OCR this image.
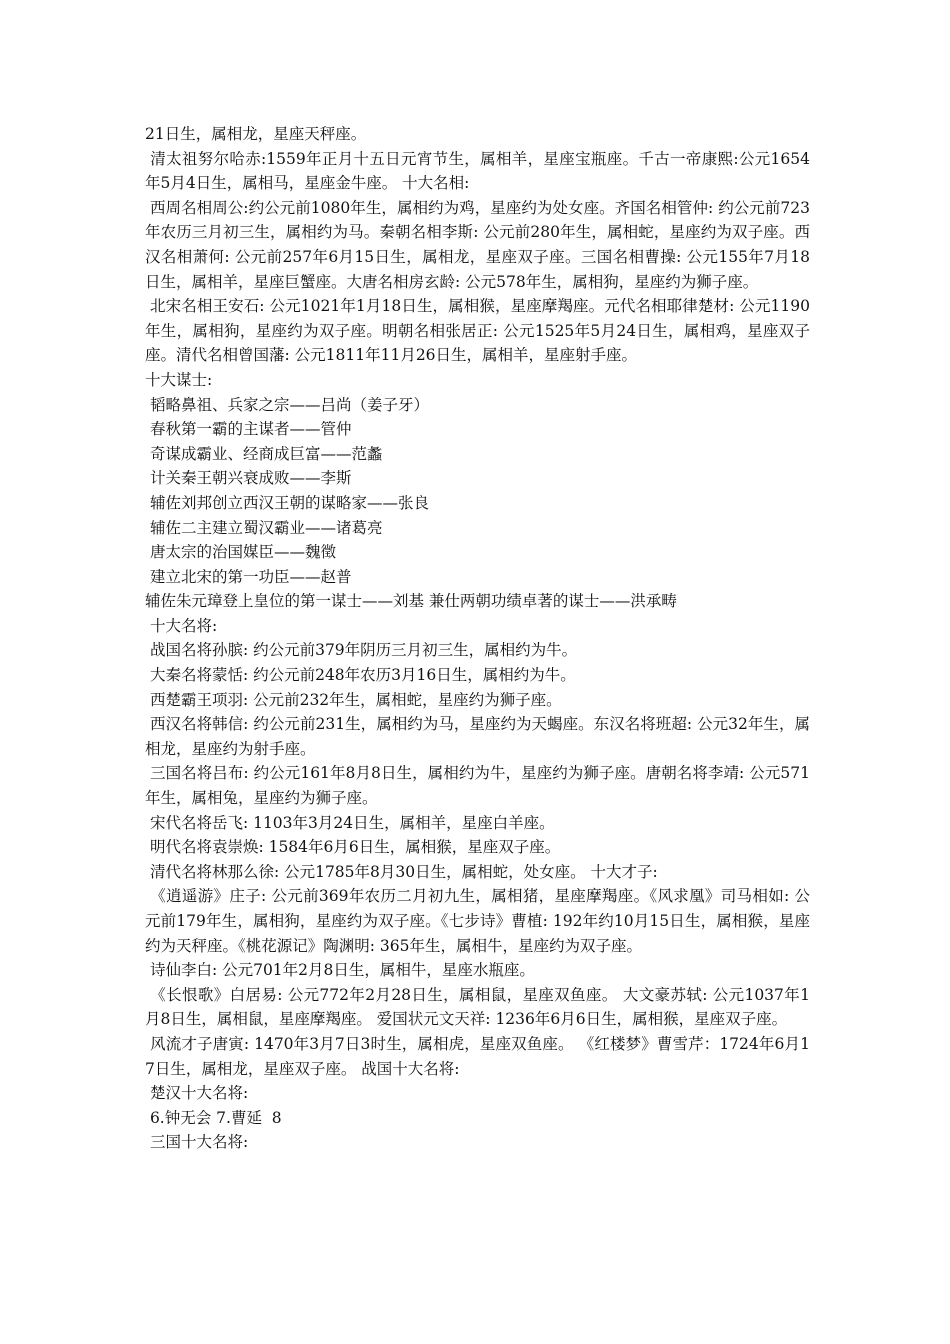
21日生，属相龙，星座天秤座。

清太祖努尔哈赤:1559年正月十五日元宵节生，属相羊，星座宝瓶座。千古一帝康熙:公元1654年5月4日生，属相马，星座金牛座。 十大名相:

西周名相周公:约公元前1080年生，属相约为鸡，星座约为处女座。齐国名相管仲: 约公元前723年农历三月初三生，属相约为马。秦朝名相李斯: 公元前280年生，属相蛇，星座约为双子座。西汉名相萧何: 公元前257年6月15日生，属相龙，星座双子座。三国名相曹操: 公元155年7月18日生，属相羊，星座巨蟹座。大唐名相房玄龄: 公元578年生，属相狗，星座约为狮子座。

北宋名相王安石: 公元1021年1月18日生，属相猴，星座摩羯座。元代名相耶律楚材: 公元1190年生，属相狗，星座约为双子座。明朝名相张居正: 公元1525年5月24日生，属相鸡，星座双子座。清代名相曾国藩: 公元1811年11月26日生，属相羊，星座射手座。

十大谋士:

韬略鼻祖、兵家之宗——吕尚（姜子牙）

春秋第一霸的主谋者——管仲

奇谋成霸业、经商成巨富——范蠡

计关秦王朝兴衰成败——李斯

辅佐刘邦创立西汉王朝的谋略家——张良

辅佐二主建立蜀汉霸业——诸葛亮

唐太宗的治国媒臣——魏徵

建立北宋的第一功臣——赵普

辅佐朱元璋登上皇位的第一谋士——刘基 兼仕两朝功绩卓著的谋士——洪承畴

十大名将:

战国名将孙膑: 约公元前379年阴历三月初三生，属相约为牛。

大秦名将蒙恬: 约公元前248年农历3月16日生，属相约为牛。

西楚霸王项羽: 公元前232年生，属相蛇，星座约为狮子座。

西汉名将韩信: 约公元前231生，属相约为马，星座约为天蝎座。东汉名将班超: 公元32年生，属相龙，星座约为射手座。

三国名将吕布: 约公元161年8月8日生，属相约为牛，星座约为狮子座。唐朝名将李靖: 公元571年生，属相兔，星座约为狮子座。

宋代名将岳飞: 1103年3月24日生，属相羊，星座白羊座。

明代名将袁崇焕: 1584年6月6日生，属相猴，星座双子座。

清代名将林那么徐: 公元1785年8月30日生，属相蛇，处女座。 十大才子:

《逍遥游》庄子: 公元前369年农历二月初九生，属相猪，星座摩羯座。《风求凰》司马相如: 公元前179年生，属相狗，星座约为双子座。《七步诗》曹植: 192年约10月15日生，属相猴，星座约为天秤座。《桃花源记》陶渊明: 365年生，属相牛，星座约为双子座。

诗仙李白: 公元701年2月8日生，属相牛，星座水瓶座。

《长恨歌》白居易: 公元772年2月28日生，属相鼠，星座双鱼座。 大文豪苏轼: 公元1037年1月8日生，属相鼠，星座摩羯座。 爱国状元文天祥: 1236年6月6日生，属相猴，星座双子座。

风流才子唐寅: 1470年3月7日3时生，属相虎，星座双鱼座。 《红楼梦》曹雪芹：1724年6月17日生，属相龙，星座双子座。 战国十大名将:

楚汉十大名将:

6.钟无会 7.曹延  8

三国十大名将:
